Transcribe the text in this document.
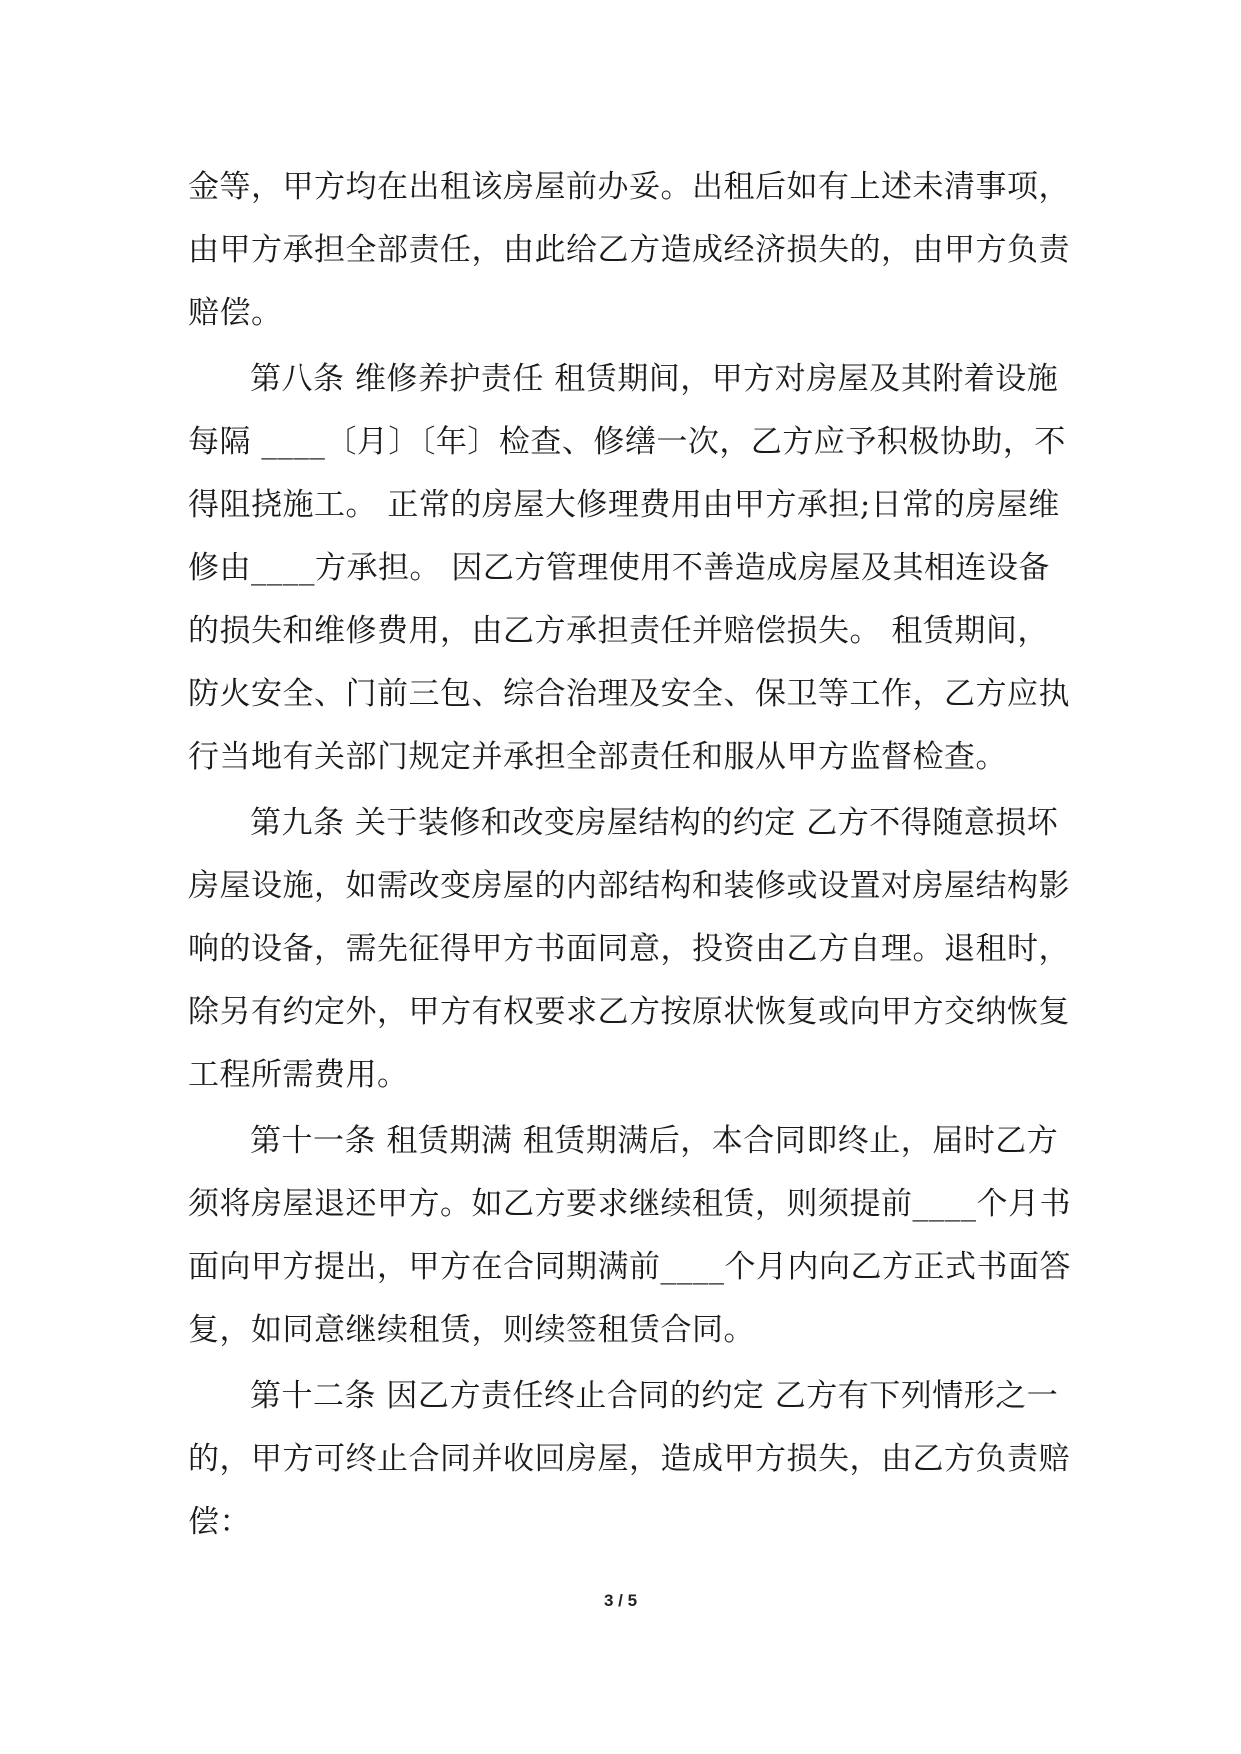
金等，甲方均在出租该房屋前办妥。出租后如有上述未清事项，
由甲方承担全部责任，由此给乙方造成经济损失的，由甲方负责
赔偿。
第八条 维修养护责任 租赁期间，甲方对房屋及其附着设施
每隔 ____〔月〕〔年〕检查、修缮一次，乙方应予积极协助，不
得阻挠施工。 正常的房屋大修理费用由甲方承担;日常的房屋维
修由____方承担。 因乙方管理使用不善造成房屋及其相连设备
的损失和维修费用，由乙方承担责任并赔偿损失。 租赁期间，
防火安全、门前三包、综合治理及安全、保卫等工作，乙方应执
行当地有关部门规定并承担全部责任和服从甲方监督检查。
第九条 关于装修和改变房屋结构的约定 乙方不得随意损坏
房屋设施，如需改变房屋的内部结构和装修或设置对房屋结构影
响的设备，需先征得甲方书面同意，投资由乙方自理。退租时，
除另有约定外，甲方有权要求乙方按原状恢复或向甲方交纳恢复
工程所需费用。
第十一条 租赁期满 租赁期满后，本合同即终止，届时乙方
须将房屋退还甲方。如乙方要求继续租赁，则须提前____个月书
面向甲方提出，甲方在合同期满前____个月内向乙方正式书面答
复，如同意继续租赁，则续签租赁合同。
第十二条 因乙方责任终止合同的约定 乙方有下列情形之一
的，甲方可终止合同并收回房屋，造成甲方损失，由乙方负责赔
偿：
3 / 5
